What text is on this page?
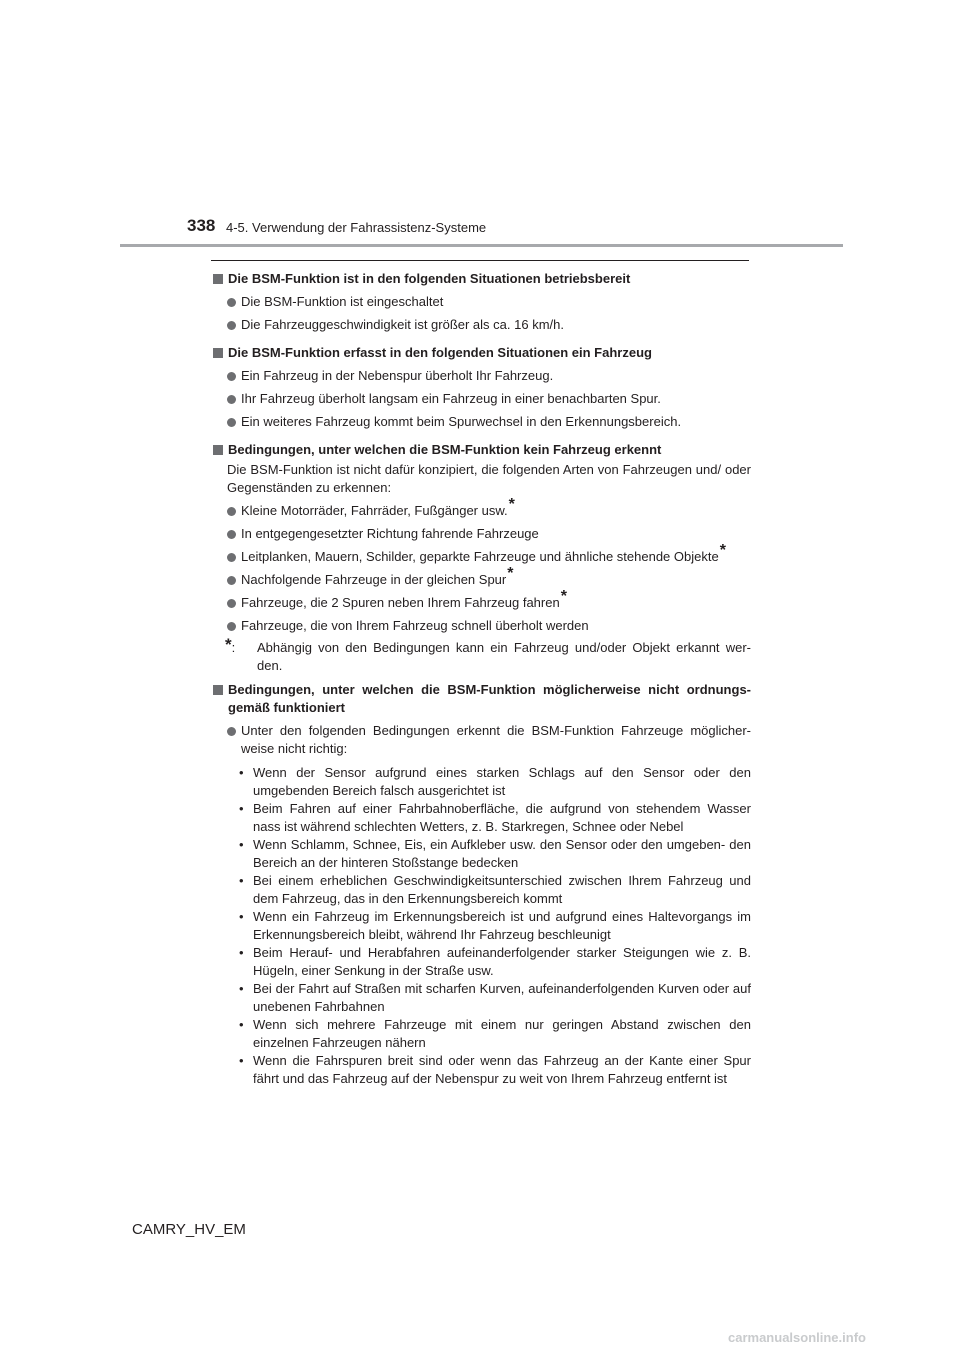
338 4-5. Verwendung der Fahrassistenz-Systeme
Die BSM-Funktion ist in den folgenden Situationen betriebsbereit
Die BSM-Funktion ist eingeschaltet
Die Fahrzeuggeschwindigkeit ist größer als ca. 16 km/h.
Die BSM-Funktion erfasst in den folgenden Situationen ein Fahrzeug
Ein Fahrzeug in der Nebenspur überholt Ihr Fahrzeug.
Ihr Fahrzeug überholt langsam ein Fahrzeug in einer benachbarten Spur.
Ein weiteres Fahrzeug kommt beim Spurwechsel in den Erkennungsbereich.
Bedingungen, unter welchen die BSM-Funktion kein Fahrzeug erkennt
Die BSM-Funktion ist nicht dafür konzipiert, die folgenden Arten von Fahrzeugen und/ oder Gegenständen zu erkennen:
Kleine Motorräder, Fahrräder, Fußgänger usw.*
In entgegengesetzter Richtung fahrende Fahrzeuge
Leitplanken, Mauern, Schilder, geparkte Fahrzeuge und ähnliche stehende Objekte*
Nachfolgende Fahrzeuge in der gleichen Spur*
Fahrzeuge, die 2 Spuren neben Ihrem Fahrzeug fahren*
Fahrzeuge, die von Ihrem Fahrzeug schnell überholt werden
*:	Abhängig von den Bedingungen kann ein Fahrzeug und/oder Objekt erkannt wer- den.
Bedingungen, unter welchen die BSM-Funktion möglicherweise nicht ordnungs- gemäß funktioniert
Unter den folgenden Bedingungen erkennt die BSM-Funktion Fahrzeuge möglicher- weise nicht richtig:
• Wenn der Sensor aufgrund eines starken Schlags auf den Sensor oder den umgebenden Bereich falsch ausgerichtet ist
• Beim Fahren auf einer Fahrbahnoberfläche, die aufgrund von stehendem Wasser nass ist während schlechten Wetters, z. B. Starkregen, Schnee oder Nebel
• Wenn Schlamm, Schnee, Eis, ein Aufkleber usw. den Sensor oder den umgeben- den Bereich an der hinteren Stoßstange bedecken
• Bei einem erheblichen Geschwindigkeitsunterschied zwischen Ihrem Fahrzeug und dem Fahrzeug, das in den Erkennungsbereich kommt
• Wenn ein Fahrzeug im Erkennungsbereich ist und aufgrund eines Haltevorgangs im Erkennungsbereich bleibt, während Ihr Fahrzeug beschleunigt
• Beim Herauf- und Herabfahren aufeinanderfolgender starker Steigungen wie z. B. Hügeln, einer Senkung in der Straße usw.
• Bei der Fahrt auf Straßen mit scharfen Kurven, aufeinanderfolgenden Kurven oder auf unebenen Fahrbahnen
• Wenn sich mehrere Fahrzeuge mit einem nur geringen Abstand zwischen den einzelnen Fahrzeugen nähern
• Wenn die Fahrspuren breit sind oder wenn das Fahrzeug an der Kante einer Spur fährt und das Fahrzeug auf der Nebenspur zu weit von Ihrem Fahrzeug entfernt ist
CAMRY_HV_EM
carmanualsonline.info
